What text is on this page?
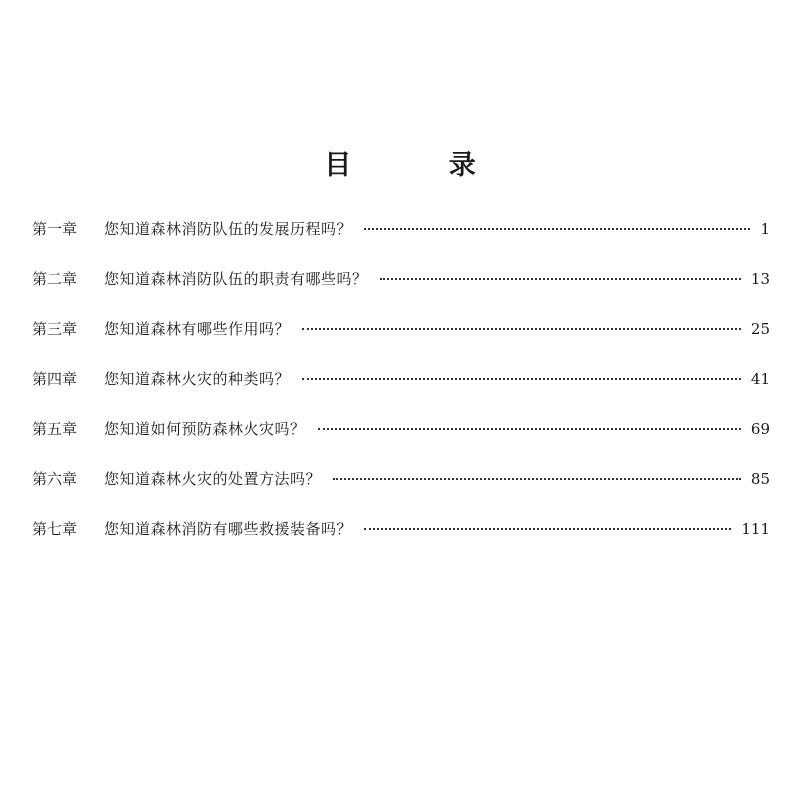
目 录
第一章	您知道森林消防队伍的发展历程吗？	1
第二章	您知道森林消防队伍的职责有哪些吗？	13
第三章	您知道森林有哪些作用吗？	25
第四章	您知道森林火灾的种类吗？	41
第五章	您知道如何预防森林火灾吗？	69
第六章	您知道森林火灾的处置方法吗？	85
第七章	您知道森林消防有哪些救援装备吗？	111
